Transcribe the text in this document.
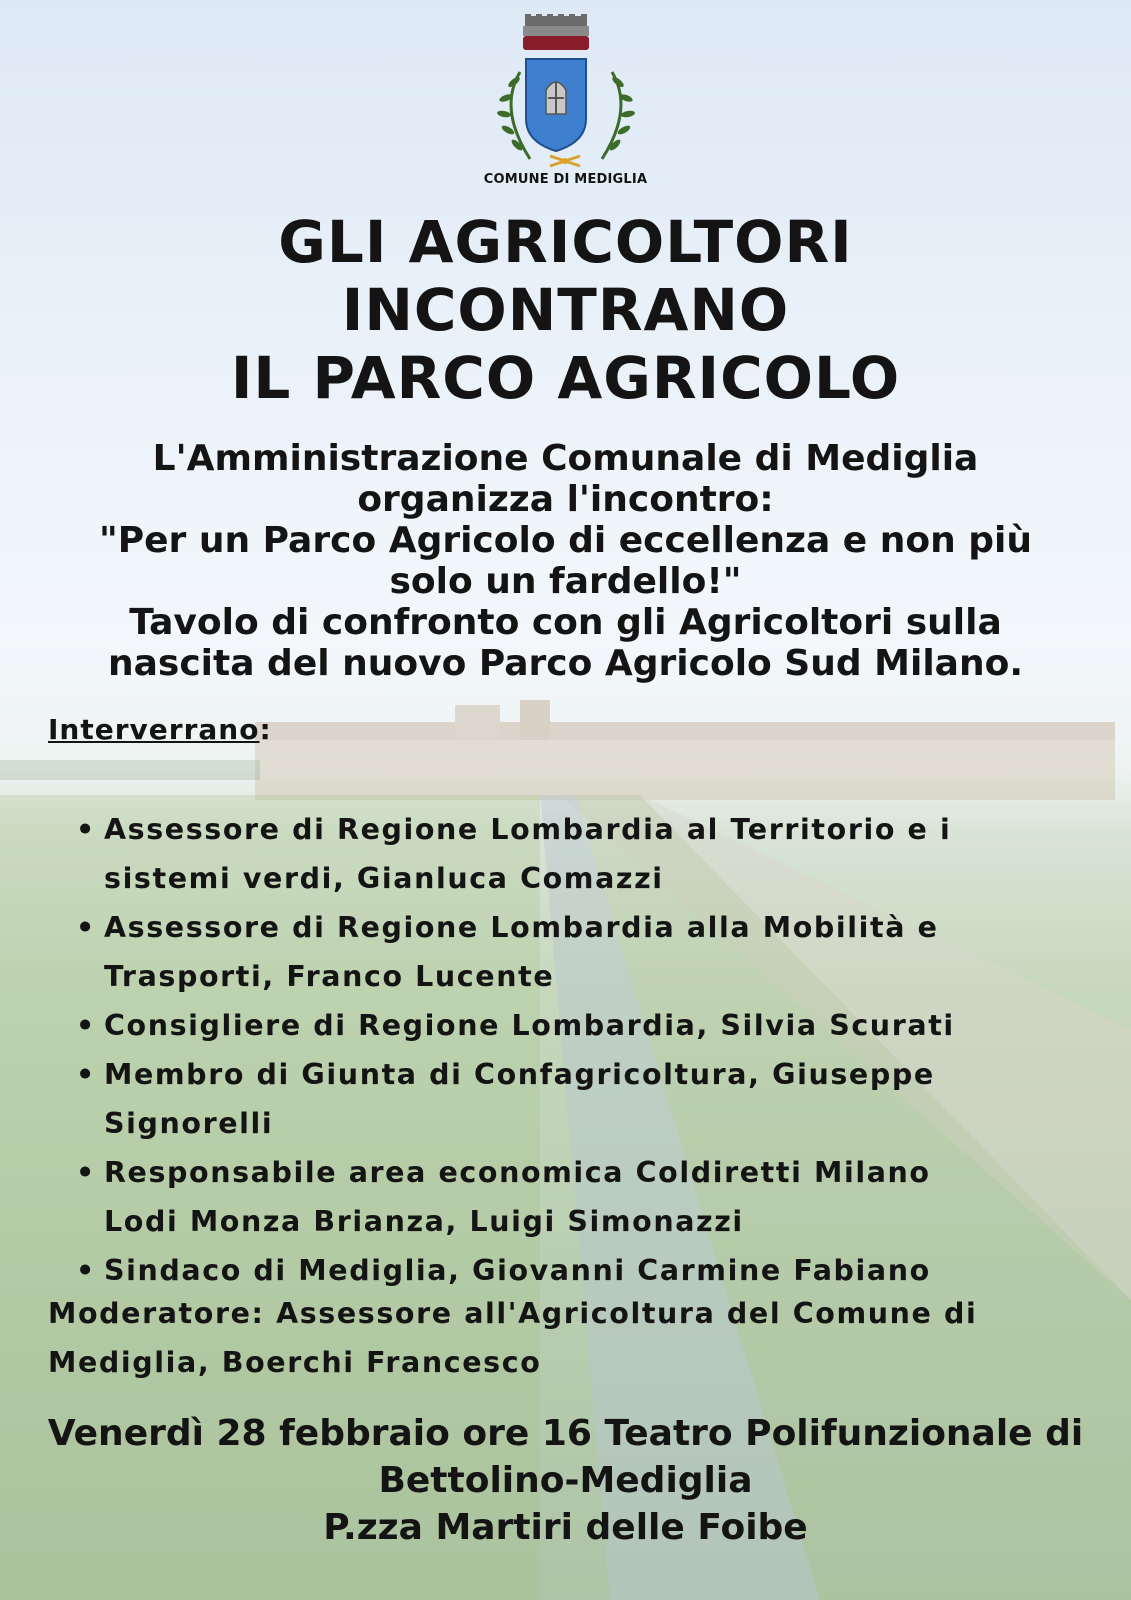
COMUNE DI MEDIGLIA
GLI AGRICOLTORI
INCONTRANO
IL PARCO AGRICOLO
L'Amministrazione Comunale di Mediglia
organizza l'incontro:
"Per un Parco Agricolo di eccellenza e non più
solo un fardello!"
Tavolo di confronto con gli Agricoltori sulla
nascita del nuovo Parco Agricolo Sud Milano.
Interverrano:
• Assessore di Regione Lombardia al Territorio e i sistemi verdi, Gianluca Comazzi
• Assessore di Regione Lombardia alla Mobilità e Trasporti, Franco Lucente
• Consigliere di Regione Lombardia, Silvia Scurati
• Membro di Giunta di Confagricoltura, Giuseppe Signorelli
• Responsabile area economica Coldiretti Milano Lodi Monza Brianza, Luigi Simonazzi
• Sindaco di Mediglia, Giovanni Carmine Fabiano
Moderatore: Assessore all'Agricoltura del Comune di Mediglia, Boerchi Francesco
Venerdì 28 febbraio ore 16 Teatro Polifunzionale di
Bettolino-Mediglia
P.zza Martiri delle Foibe
